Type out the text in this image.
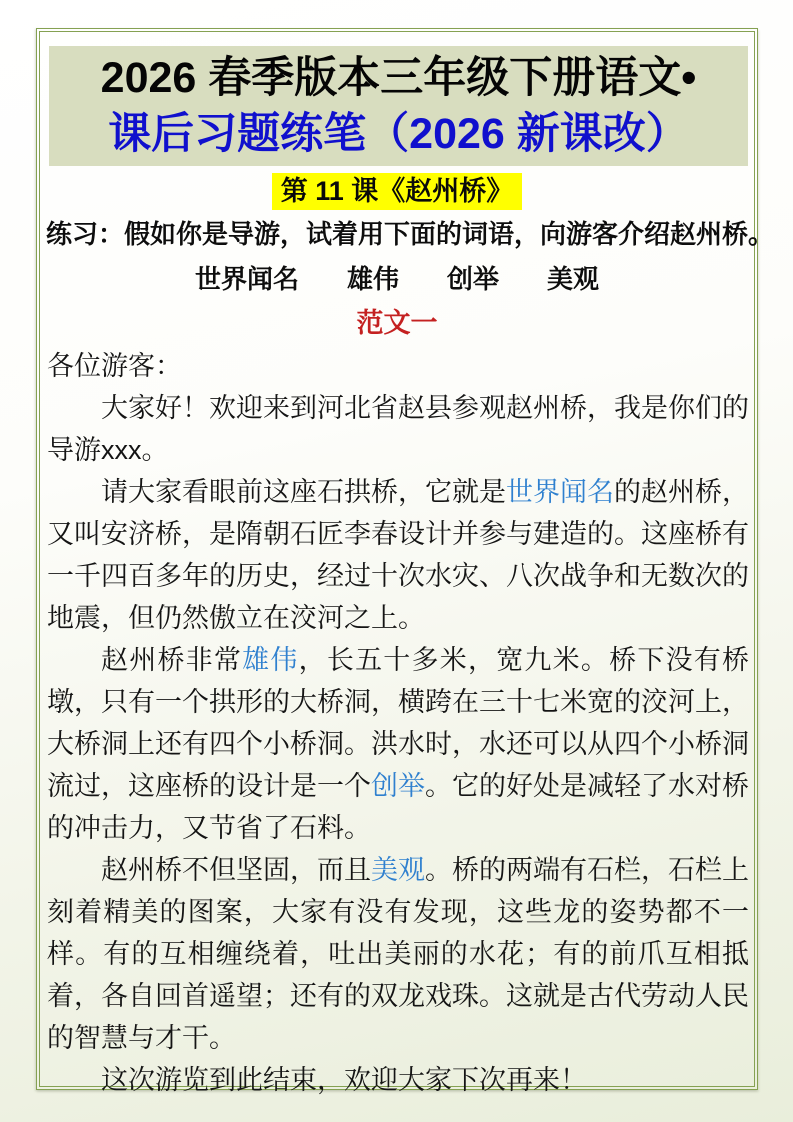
2026 春季版本三年级下册语文•
课后习题练笔（2026 新课改）
第 11 课《赵州桥》
练习：假如你是导游，试着用下面的词语，向游客介绍赵州桥。
世界闻名 雄伟 创举 美观
范文一

各位游客：

大家好！欢迎来到河北省赵县参观赵州桥，我是你们的导游xxx。

请大家看眼前这座石拱桥，它就是世界闻名的赵州桥，又叫安济桥，是隋朝石匠李春设计并参与建造的。这座桥有一千四百多年的历史，经过十次水灾、八次战争和无数次的地震，但仍然傲立在洨河之上。

赵州桥非常雄伟，长五十多米，宽九米。桥下没有桥墩，只有一个拱形的大桥洞，横跨在三十七米宽的洨河上，大桥洞上还有四个小桥洞。洪水时，水还可以从四个小桥洞流过，这座桥的设计是一个创举。它的好处是减轻了水对桥的冲击力，又节省了石料。

赵州桥不但坚固，而且美观。桥的两端有石栏，石栏上刻着精美的图案，大家有没有发现，这些龙的姿势都不一样。有的互相缠绕着，吐出美丽的水花；有的前爪互相抵着，各自回首遥望；还有的双龙戏珠。这就是古代劳动人民的智慧与才干。

这次游览到此结束，欢迎大家下次再来！
